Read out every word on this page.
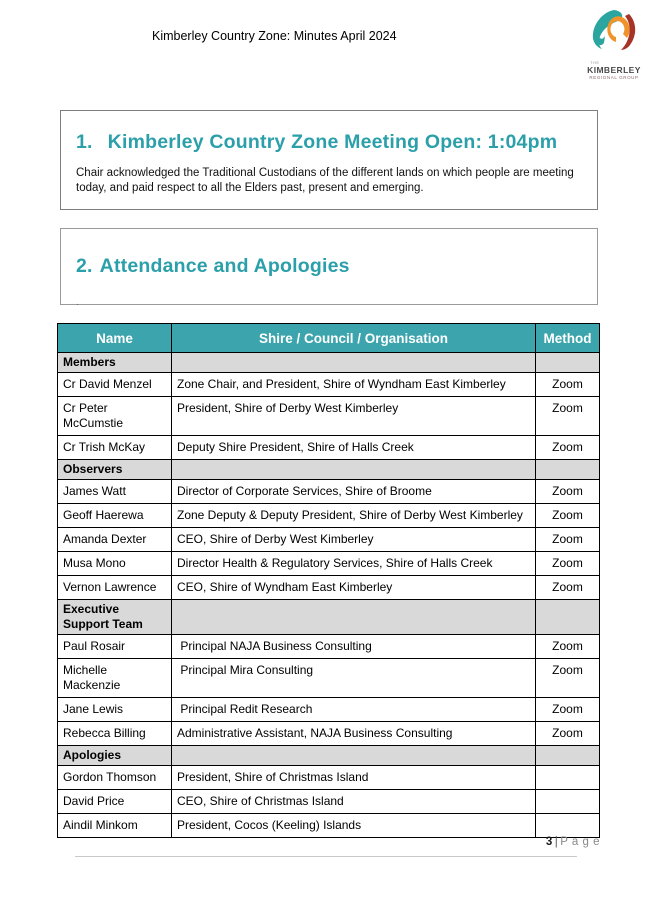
Kimberley Country Zone: Minutes April 2024
THE
KIMBERLEY
REGIONAL GROUP
1. Kimberley Country Zone Meeting Open: 1:04pm
Chair acknowledged the Traditional Custodians of the different lands on which people are meeting
today, and paid respect to all the Elders past, present and emerging.
2. Attendance and Apologies
.
Name	Shire / Council / Organisation	Method
Members		
Cr David Menzel	Zone Chair, and President, Shire of Wyndham East Kimberley	Zoom
Cr Peter McCumstie	President, Shire of Derby West Kimberley	Zoom
Cr Trish McKay	Deputy Shire President, Shire of Halls Creek	Zoom
Observers		
James Watt	Director of Corporate Services, Shire of Broome	Zoom
Geoff Haerewa	Zone Deputy & Deputy President, Shire of Derby West Kimberley	Zoom
Amanda Dexter	CEO, Shire of Derby West Kimberley	Zoom
Musa Mono	Director Health & Regulatory Services, Shire of Halls Creek	Zoom
Vernon Lawrence	CEO, Shire of Wyndham East Kimberley	Zoom
Executive Support Team		
Paul Rosair	Principal NAJA Business Consulting	Zoom
Michelle Mackenzie	Principal Mira Consulting	Zoom
Jane Lewis	Principal Redit Research	Zoom
Rebecca Billing	Administrative Assistant, NAJA Business Consulting	Zoom
Apologies		
Gordon Thomson	President, Shire of Christmas Island	
David Price	CEO, Shire of Christmas Island	
Aindil Minkom	President, Cocos (Keeling) Islands	
3 | P a g e
